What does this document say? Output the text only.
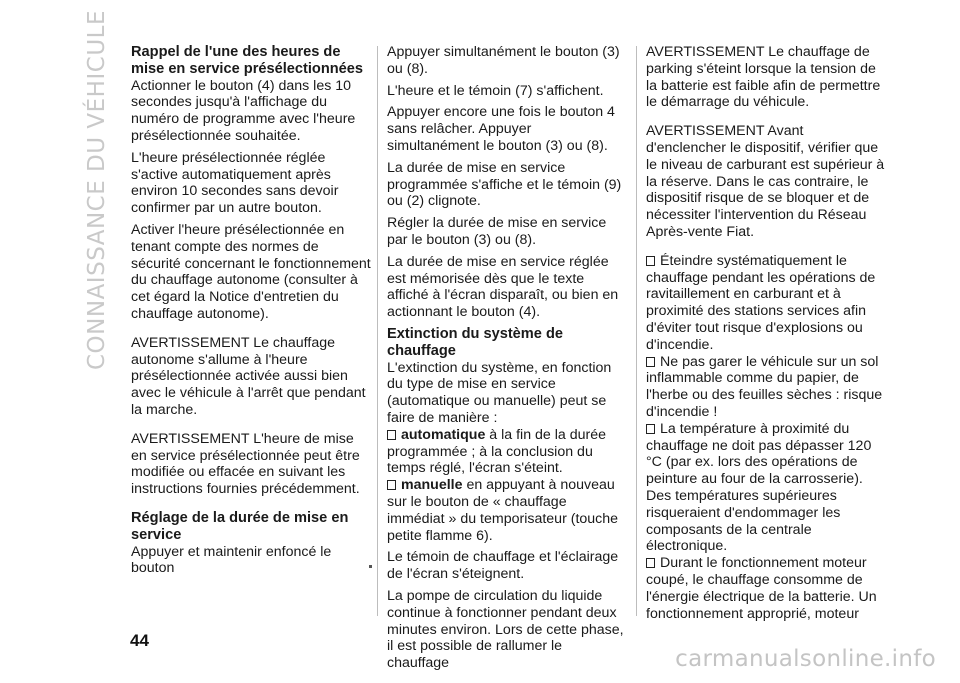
CONNAISSANCE DU VÉHICULE	Rappel de l'une des heures de mise en service présélectionnées

Actionner le bouton (4) dans les 10 secondes jusqu'à l'affichage du numéro de programme avec l'heure présélectionnée souhaitée.

L'heure présélectionnée réglée s'active automatiquement après environ 10 secondes sans devoir confirmer par un autre bouton.

Activer l'heure présélectionnée en tenant compte des normes de sécurité concernant le fonctionnement du chauffage autonome (consulter à cet égard la Notice d'entretien du chauffage autonome).

AVERTISSEMENT Le chauffage autonome s'allume à l'heure présélectionnée activée aussi bien avec le véhicule à l'arrêt que pendant la marche.

AVERTISSEMENT L'heure de mise en service présélectionnée peut être modifiée ou effacée en suivant les instructions fournies précédemment.

Réglage de la durée de mise en service

Appuyer et maintenir enfoncé le bouton

Appuyer simultanément le bouton (3) ou (8).

L'heure et le témoin (7) s'affichent.

Appuyer encore une fois le bouton 4 sans relâcher. Appuyer simultanément le bouton (3) ou (8).

La durée de mise en service programmée s'affiche et le témoin (9) ou (2) clignote.

Régler la durée de mise en service par le bouton (3) ou (8).

La durée de mise en service réglée est mémorisée dès que le texte affiché à l'écran disparaît, ou bien en actionnant le bouton (4).

Extinction du système de chauffage

L'extinction du système, en fonction du type de mise en service (automatique ou manuelle) peut se faire de manière :

automatique à la fin de la durée programmée ; à la conclusion du temps réglé, l'écran s'éteint.

manuelle en appuyant à nouveau sur le bouton de « chauffage immédiat » du temporisateur (touche petite flamme 6).

Le témoin de chauffage et l'éclairage de l'écran s'éteignent.

La pompe de circulation du liquide continue à fonctionner pendant deux minutes environ. Lors de cette phase, il est possible de rallumer le chauffage

AVERTISSEMENT Le chauffage de parking s'éteint lorsque la tension de la batterie est faible afin de permettre le démarrage du véhicule.

AVERTISSEMENT Avant d'enclencher le dispositif, vérifier que le niveau de carburant est supérieur à la réserve. Dans le cas contraire, le dispositif risque de se bloquer et de nécessiter l'intervention du Réseau Après-vente Fiat.

Éteindre systématiquement le chauffage pendant les opérations de ravitaillement en carburant et à proximité des stations services afin d'éviter tout risque d'explosions ou d'incendie.

Ne pas garer le véhicule sur un sol inflammable comme du papier, de l'herbe ou des feuilles sèches : risque d'incendie !

La température à proximité du chauffage ne doit pas dépasser 120 °C (par ex. lors des opérations de peinture au four de la carrosserie). Des températures supérieures risqueraient d'endommager les composants de la centrale électronique.

Durant le fonctionnement moteur coupé, le chauffage consomme de l'énergie électrique de la batterie. Un fonctionnement approprié, moteur

44
carmanualsonline.info
